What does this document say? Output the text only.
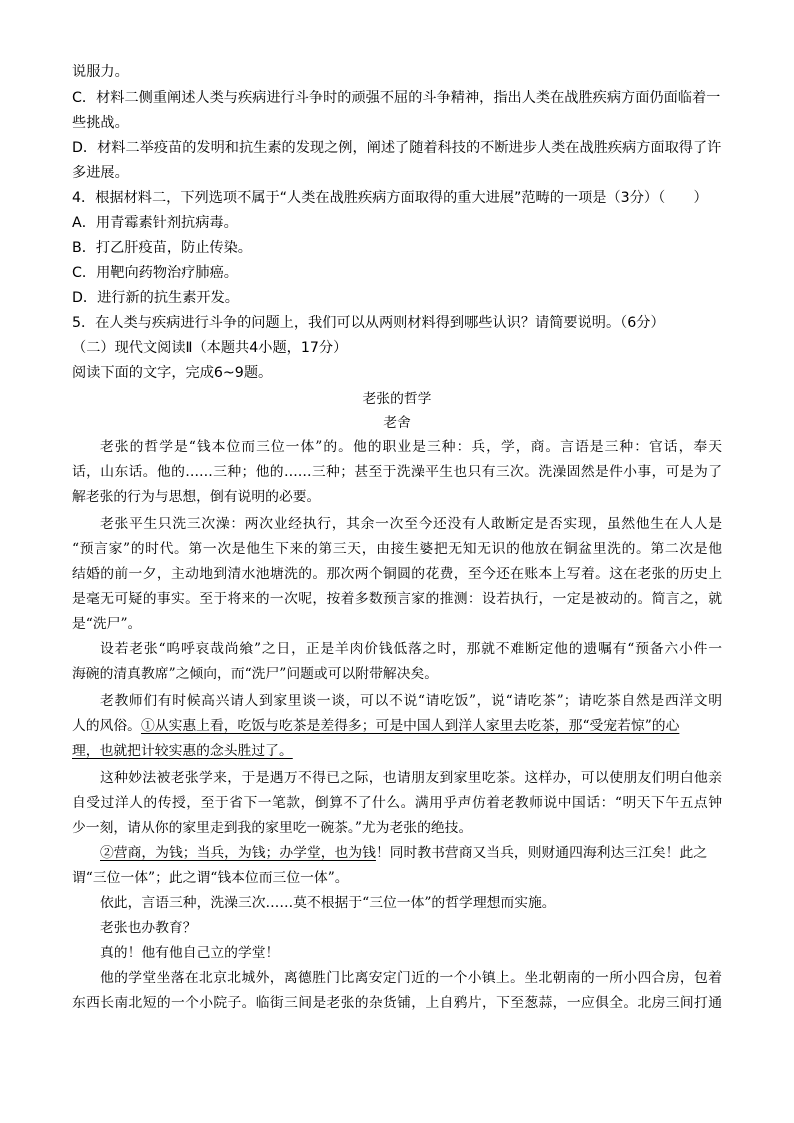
说服力。
C．材料二侧重阐述人类与疾病进行斗争时的顽强不屈的斗争精神，指出人类在战胜疾病方面仍面临着一
些挑战。
D．材料二举疫苗的发明和抗生素的发现之例，阐述了随着科技的不断进步人类在战胜疾病方面取得了许
多进展。
4．根据材料二，下列选项不属于“人类在战胜疾病方面取得的重大进展”范畴的一项是（3分）（　　）
A．用青霉素针剂抗病毒。
B．打乙肝疫苗，防止传染。
C．用靶向药物治疗肺癌。
D．进行新的抗生素开发。
5．在人类与疾病进行斗争的问题上，我们可以从两则材料得到哪些认识？请简要说明。（6分）
（二）现代文阅读Ⅱ（本题共4小题，17分）
阅读下面的文字，完成6~9题。
老张的哲学
老舍
老张的哲学是“钱本位而三位一体”的。他的职业是三种：兵，学，商。言语是三种：官话，奉天
话，山东话。他的……三种；他的……三种；甚至于洗澡平生也只有三次。洗澡固然是件小事，可是为了
解老张的行为与思想，倒有说明的必要。
老张平生只洗三次澡：两次业经执行，其余一次至今还没有人敢断定是否实现，虽然他生在人人是
“预言家”的时代。第一次是他生下来的第三天，由接生婆把无知无识的他放在铜盆里洗的。第二次是他
结婚的前一夕，主动地到清水池塘洗的。那次两个铜圆的花费，至今还在账本上写着。这在老张的历史上
是毫无可疑的事实。至于将来的一次呢，按着多数预言家的推测：设若执行，一定是被动的。简言之，就
是“洗尸”。
设若老张“呜呼哀哉尚飨”之日，正是羊肉价钱低落之时，那就不难断定他的遗嘱有“预备六小件一
海碗的清真教席”之倾向，而“洗尸”问题或可以附带解决矣。
老教师们有时候高兴请人到家里谈一谈，可以不说“请吃饭”，说“请吃茶”；请吃茶自然是西洋文明
人的风俗。①从实惠上看，吃饭与吃茶是差得多；可是中国人到洋人家里去吃茶，那“受宠若惊”的心
理，也就把计较实惠的念头胜过了。
这种妙法被老张学来，于是遇万不得已之际，也请朋友到家里吃茶。这样办，可以使朋友们明白他亲
自受过洋人的传授，至于省下一笔款，倒算不了什么。满用乎声仿着老教师说中国话：“明天下午五点钟
少一刻，请从你的家里走到我的家里吃一碗茶。”尤为老张的绝技。
②营商，为钱；当兵，为钱；办学堂，也为钱！同时教书营商又当兵，则财通四海利达三江矣！此之
谓“三位一体”；此之谓“钱本位而三位一体”。
依此，言语三种，洗澡三次……莫不根据于“三位一体”的哲学理想而实施。
老张也办教育？
真的！他有他自己立的学堂！
他的学堂坐落在北京北城外，离德胜门比离安定门近的一个小镇上。坐北朝南的一所小四合房，包着
东西长南北短的一个小院子。临街三间是老张的杂货铺，上自鸦片，下至葱蒜，一应俱全。北房三间打通
